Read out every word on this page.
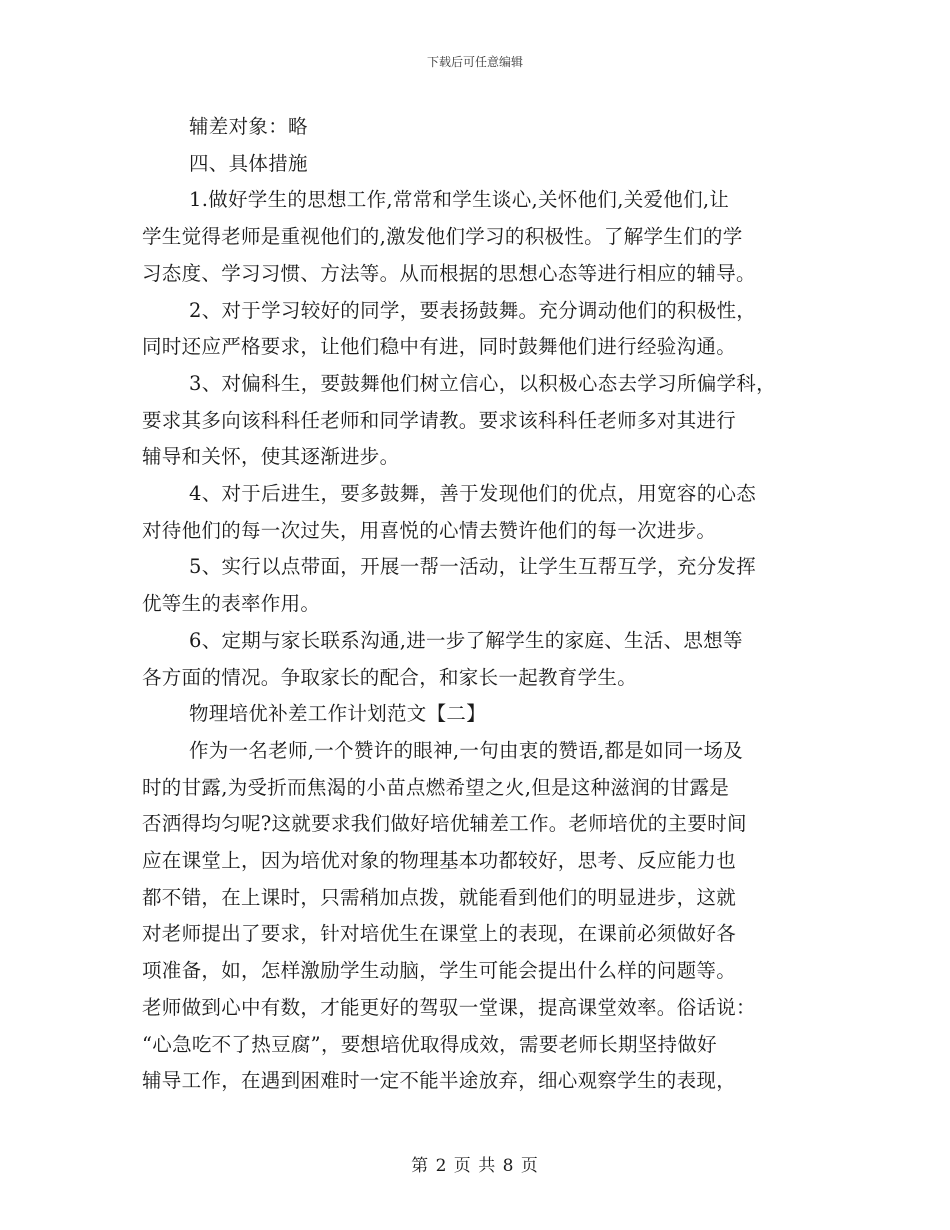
下载后可任意编辑

辅差对象：略

四、具体措施

1.做好学生的思想工作,常常和学生谈心,关怀他们,关爱他们,让

学生觉得老师是重视他们的,激发他们学习的积极性。了解学生们的学

习态度、学习习惯、方法等。从而根据的思想心态等进行相应的辅导。

2、对于学习较好的同学，要表扬鼓舞。充分调动他们的积极性，

同时还应严格要求，让他们稳中有进，同时鼓舞他们进行经验沟通。

3、对偏科生，要鼓舞他们树立信心，以积极心态去学习所偏学科，

要求其多向该科科任老师和同学请教。要求该科科任老师多对其进行

辅导和关怀，使其逐渐进步。

4、对于后进生，要多鼓舞，善于发现他们的优点，用宽容的心态

对待他们的每一次过失，用喜悦的心情去赞许他们的每一次进步。

5、实行以点带面，开展一帮一活动，让学生互帮互学，充分发挥

优等生的表率作用。

6、定期与家长联系沟通,进一步了解学生的家庭、生活、思想等

各方面的情况。争取家长的配合，和家长一起教育学生。

物理培优补差工作计划范文【二】

作为一名老师,一个赞许的眼神,一句由衷的赞语,都是如同一场及

时的甘露,为受折而焦渴的小苗点燃希望之火,但是这种滋润的甘露是

否洒得均匀呢?这就要求我们做好培优辅差工作。老师培优的主要时间

应在课堂上，因为培优对象的物理基本功都较好，思考、反应能力也

都不错，在上课时，只需稍加点拨，就能看到他们的明显进步，这就

对老师提出了要求，针对培优生在课堂上的表现，在课前必须做好各

项准备，如，怎样激励学生动脑，学生可能会提出什么样的问题等。

老师做到心中有数，才能更好的驾驭一堂课，提高课堂效率。俗话说：

“心急吃不了热豆腐”，要想培优取得成效，需要老师长期坚持做好

辅导工作，在遇到困难时一定不能半途放弃，细心观察学生的表现，

第 2 页 共 8 页
